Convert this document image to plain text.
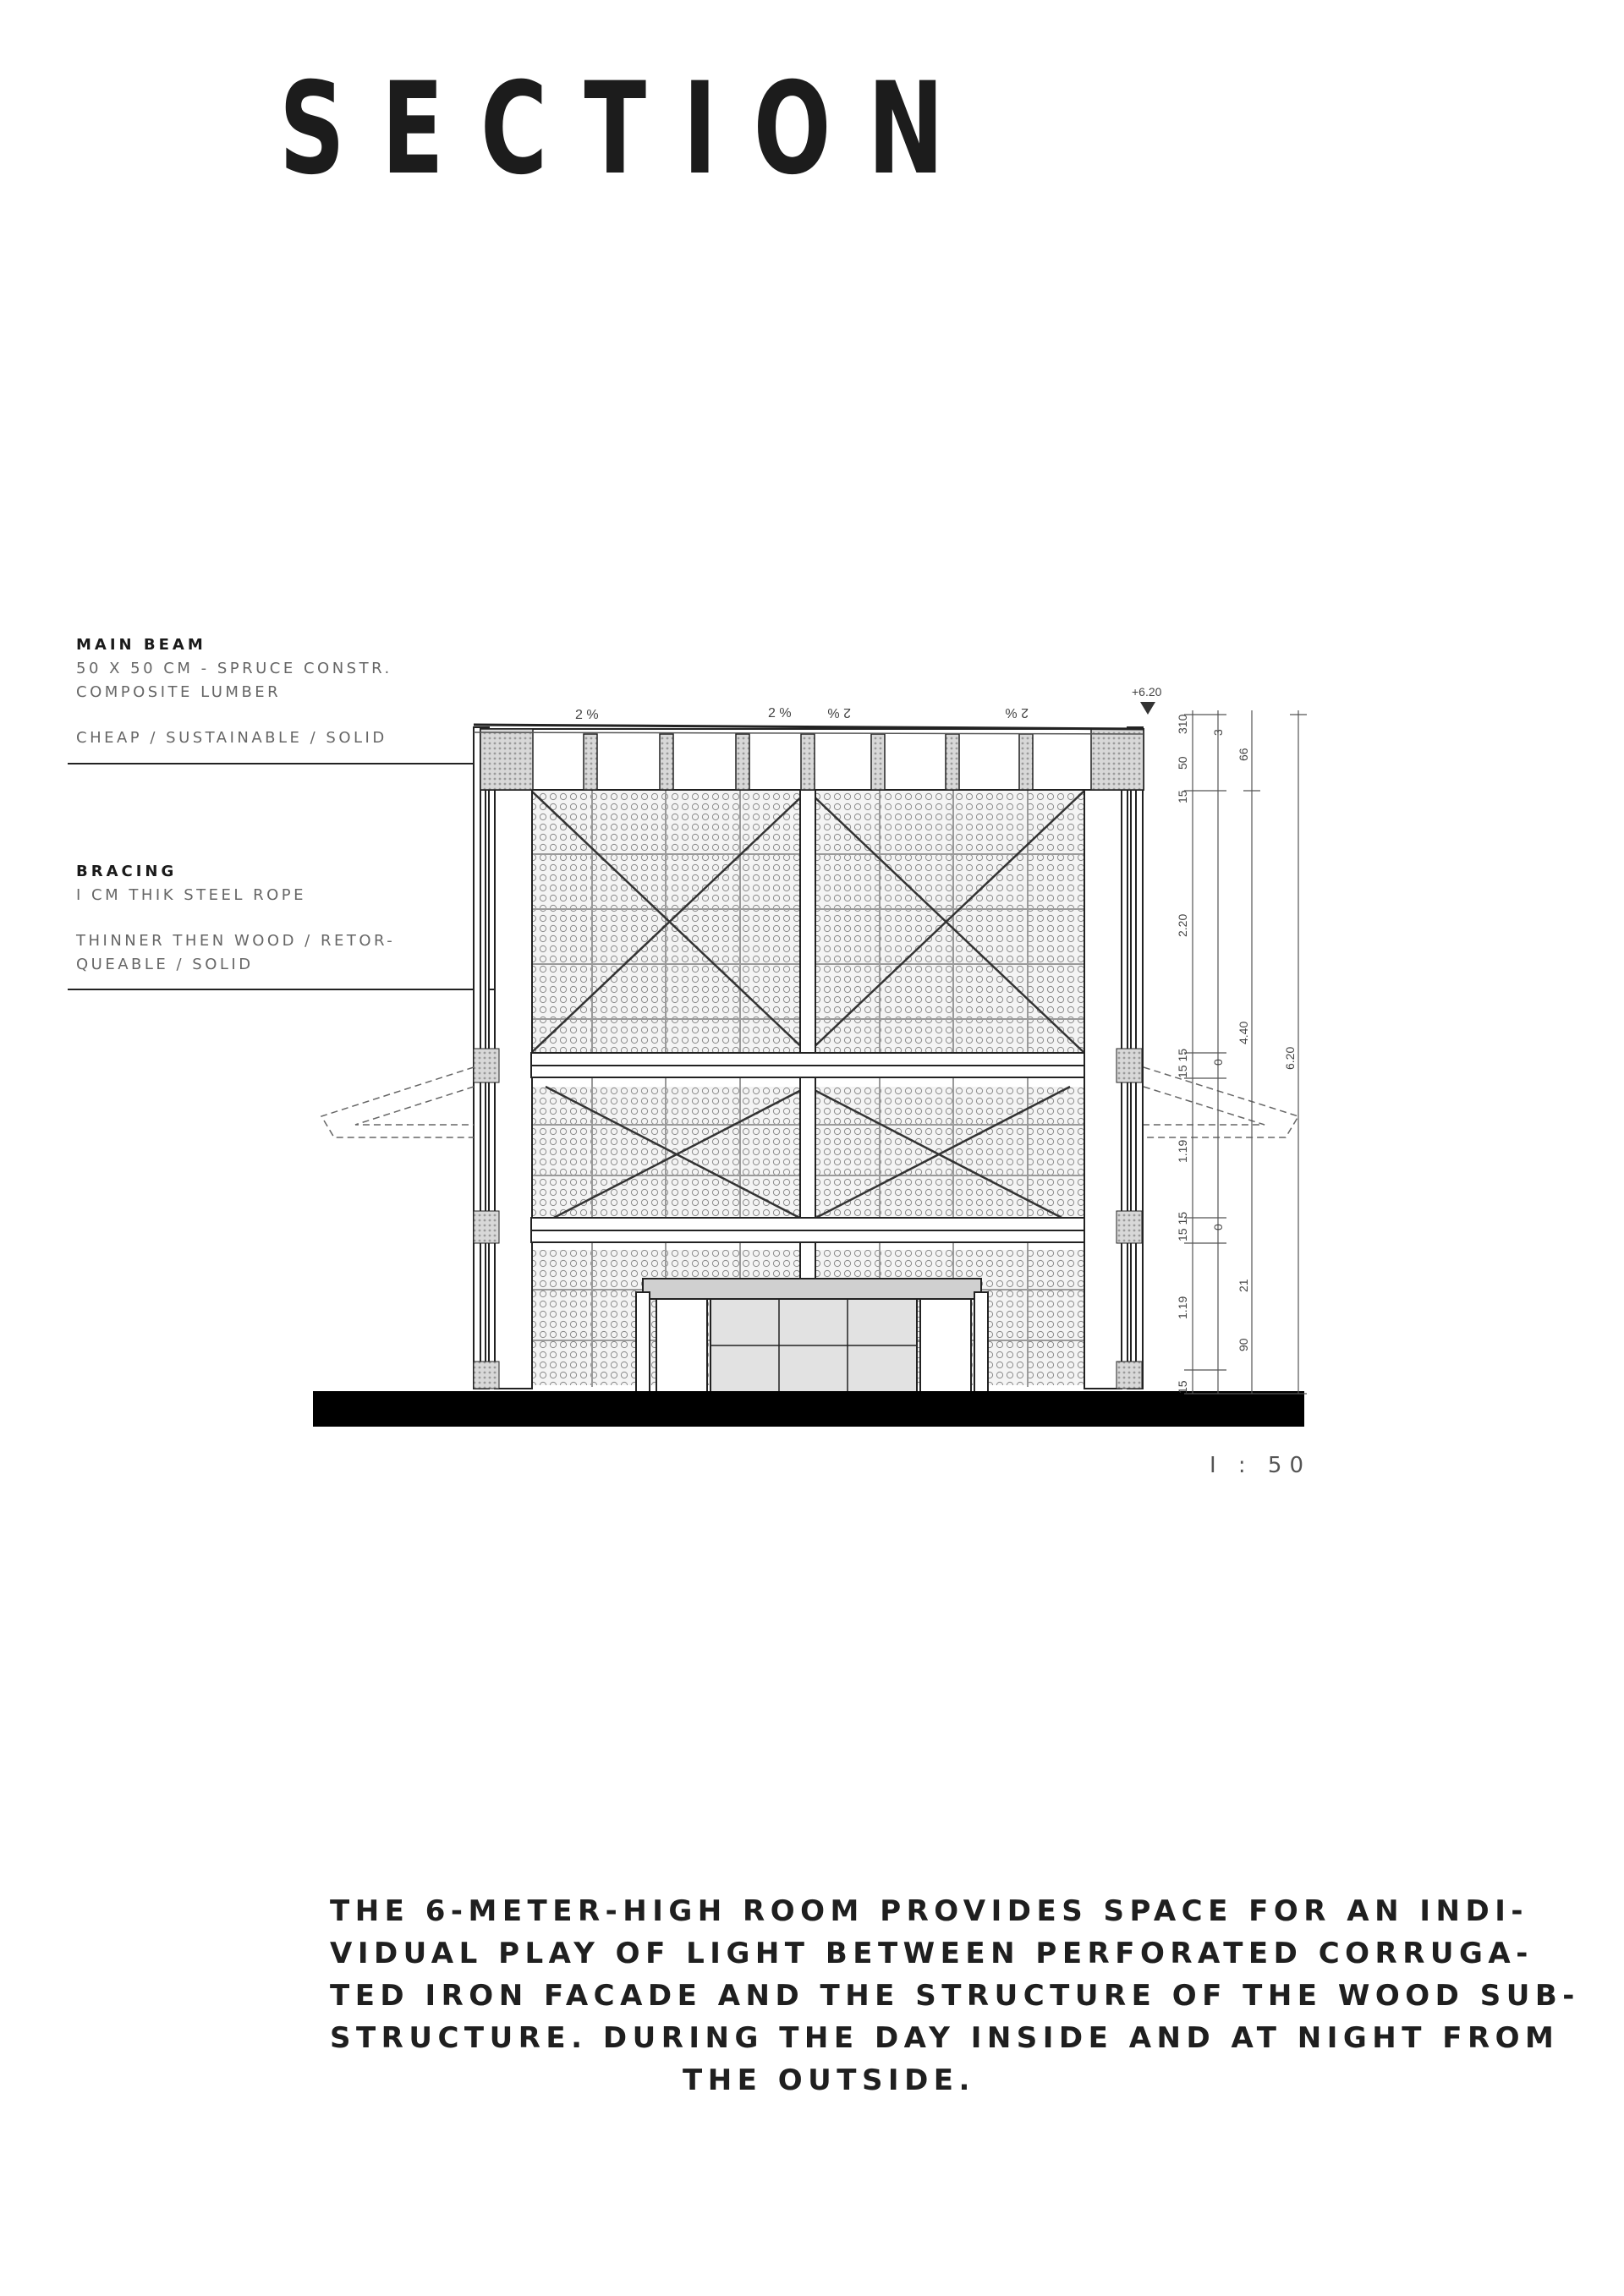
SECTION

MAIN BEAM

50 X 50 CM - SPRUCE CONSTR.

COMPOSITE LUMBER

CHEAP / SUSTAINABLE / SOLID

BRACING

I CM THIK STEEL ROPE

THINNER THEN WOOD / RETOR-

QUEABLE / SOLID

2 %	2 %	2 %	2 %
+6.20
310
50
15
2.20
15 15
1.19
15 15
1.19
15
3
66
0
0
21
90
4.40
6.20
I : 50
THE 6-METER-HIGH ROOM PROVIDES SPACE FOR AN INDI-
VIDUAL PLAY OF LIGHT BETWEEN PERFORATED CORRUGA-
TED IRON FACADE AND THE STRUCTURE OF THE WOOD SUB-
STRUCTURE. DURING THE DAY INSIDE AND AT NIGHT FROM
THE OUTSIDE.
